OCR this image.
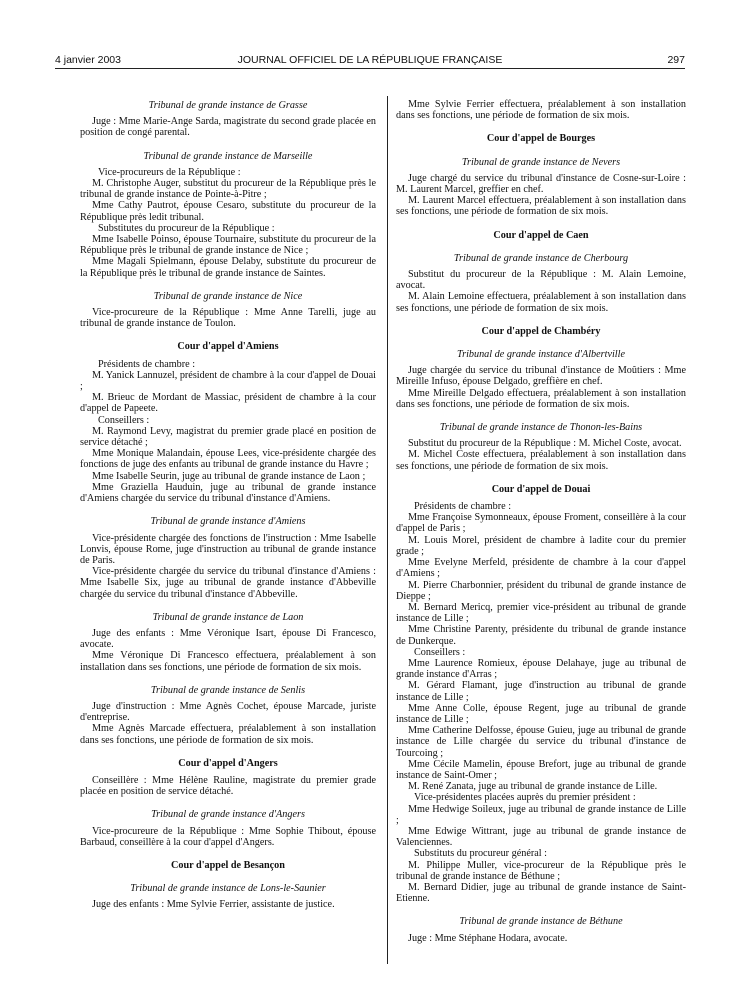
4 janvier 2003	JOURNAL OFFICIEL DE LA RÉPUBLIQUE FRANÇAISE	297
Tribunal de grande instance de Grasse
Juge : Mme Marie-Ange Sarda, magistrate du second grade placée en position de congé parental.
Tribunal de grande instance de Marseille
Vice-procureurs de la République :
M. Christophe Auger, substitut du procureur de la République près le tribunal de grande instance de Pointe-à-Pitre ;
Mme Cathy Pautrot, épouse Cesaro, substitute du procureur de la République près ledit tribunal.
Substitutes du procureur de la République :
Mme Isabelle Poinso, épouse Tournaire, substitute du procureur de la République près le tribunal de grande instance de Nice ;
Mme Magali Spielmann, épouse Delaby, substitute du procureur de la République près le tribunal de grande instance de Saintes.
Tribunal de grande instance de Nice
Vice-procureure de la République : Mme Anne Tarelli, juge au tribunal de grande instance de Toulon.
Cour d'appel d'Amiens
Présidents de chambre :
M. Yanick Lannuzel, président de chambre à la cour d'appel de Douai ;
M. Brieuc de Mordant de Massiac, président de chambre à la cour d'appel de Papeete.
Conseillers :
M. Raymond Levy, magistrat du premier grade placé en position de service détaché ;
Mme Monique Malandain, épouse Lees, vice-présidente chargée des fonctions de juge des enfants au tribunal de grande instance du Havre ;
Mme Isabelle Seurin, juge au tribunal de grande instance de Laon ;
Mme Graziella Hauduin, juge au tribunal de grande instance d'Amiens chargée du service du tribunal d'instance d'Amiens.
Tribunal de grande instance d'Amiens
Vice-présidente chargée des fonctions de l'instruction : Mme Isabelle Lonvis, épouse Rome, juge d'instruction au tribunal de grande instance de Paris.
Vice-présidente chargée du service du tribunal d'instance d'Amiens : Mme Isabelle Six, juge au tribunal de grande instance d'Abbeville chargée du service du tribunal d'instance d'Abbeville.
Tribunal de grande instance de Laon
Juge des enfants : Mme Véronique Isart, épouse Di Francesco, avocate.
Mme Véronique Di Francesco effectuera, préalablement à son installation dans ses fonctions, une période de formation de six mois.
Tribunal de grande instance de Senlis
Juge d'instruction : Mme Agnès Cochet, épouse Marcade, juriste d'entreprise.
Mme Agnès Marcade effectuera, préalablement à son installation dans ses fonctions, une période de formation de six mois.
Cour d'appel d'Angers
Conseillère : Mme Hélène Rauline, magistrate du premier grade placée en position de service détaché.
Tribunal de grande instance d'Angers
Vice-procureure de la République : Mme Sophie Thibout, épouse Barbaud, conseillère à la cour d'appel d'Angers.
Cour d'appel de Besançon
Tribunal de grande instance de Lons-le-Saunier
Juge des enfants : Mme Sylvie Ferrier, assistante de justice.
Mme Sylvie Ferrier effectuera, préalablement à son installation dans ses fonctions, une période de formation de six mois.
Cour d'appel de Bourges
Tribunal de grande instance de Nevers
Juge chargé du service du tribunal d'instance de Cosne-sur-Loire : M. Laurent Marcel, greffier en chef.
M. Laurent Marcel effectuera, préalablement à son installation dans ses fonctions, une période de formation de six mois.
Cour d'appel de Caen
Tribunal de grande instance de Cherbourg
Substitut du procureur de la République : M. Alain Lemoine, avocat.
M. Alain Lemoine effectuera, préalablement à son installation dans ses fonctions, une période de formation de six mois.
Cour d'appel de Chambéry
Tribunal de grande instance d'Albertville
Juge chargée du service du tribunal d'instance de Moûtiers : Mme Mireille Infuso, épouse Delgado, greffière en chef.
Mme Mireille Delgado effectuera, préalablement à son installation dans ses fonctions, une période de formation de six mois.
Tribunal de grande instance de Thonon-les-Bains
Substitut du procureur de la République : M. Michel Coste, avocat.
M. Michel Coste effectuera, préalablement à son installation dans ses fonctions, une période de formation de six mois.
Cour d'appel de Douai
Présidents de chambre :
Mme Françoise Symonneaux, épouse Froment, conseillère à la cour d'appel de Paris ;
M. Louis Morel, président de chambre à ladite cour du premier grade ;
Mme Evelyne Merfeld, présidente de chambre à la cour d'appel d'Amiens ;
M. Pierre Charbonnier, président du tribunal de grande instance de Dieppe ;
M. Bernard Mericq, premier vice-président au tribunal de grande instance de Lille ;
Mme Christine Parenty, présidente du tribunal de grande instance de Dunkerque.
Conseillers :
Mme Laurence Romieux, épouse Delahaye, juge au tribunal de grande instance d'Arras ;
M. Gérard Flamant, juge d'instruction au tribunal de grande instance de Lille ;
Mme Anne Colle, épouse Regent, juge au tribunal de grande instance de Lille ;
Mme Catherine Delfosse, épouse Guieu, juge au tribunal de grande instance de Lille chargée du service du tribunal d'instance de Tourcoing ;
Mme Cécile Mamelin, épouse Brefort, juge au tribunal de grande instance de Saint-Omer ;
M. René Zanata, juge au tribunal de grande instance de Lille.
Vice-présidentes placées auprès du premier président :
Mme Hedwige Soileux, juge au tribunal de grande instance de Lille ;
Mme Edwige Wittrant, juge au tribunal de grande instance de Valenciennes.
Substituts du procureur général :
M. Philippe Muller, vice-procureur de la République près le tribunal de grande instance de Béthune ;
M. Bernard Didier, juge au tribunal de grande instance de Saint-Etienne.
Tribunal de grande instance de Béthune
Juge : Mme Stéphane Hodara, avocate.
